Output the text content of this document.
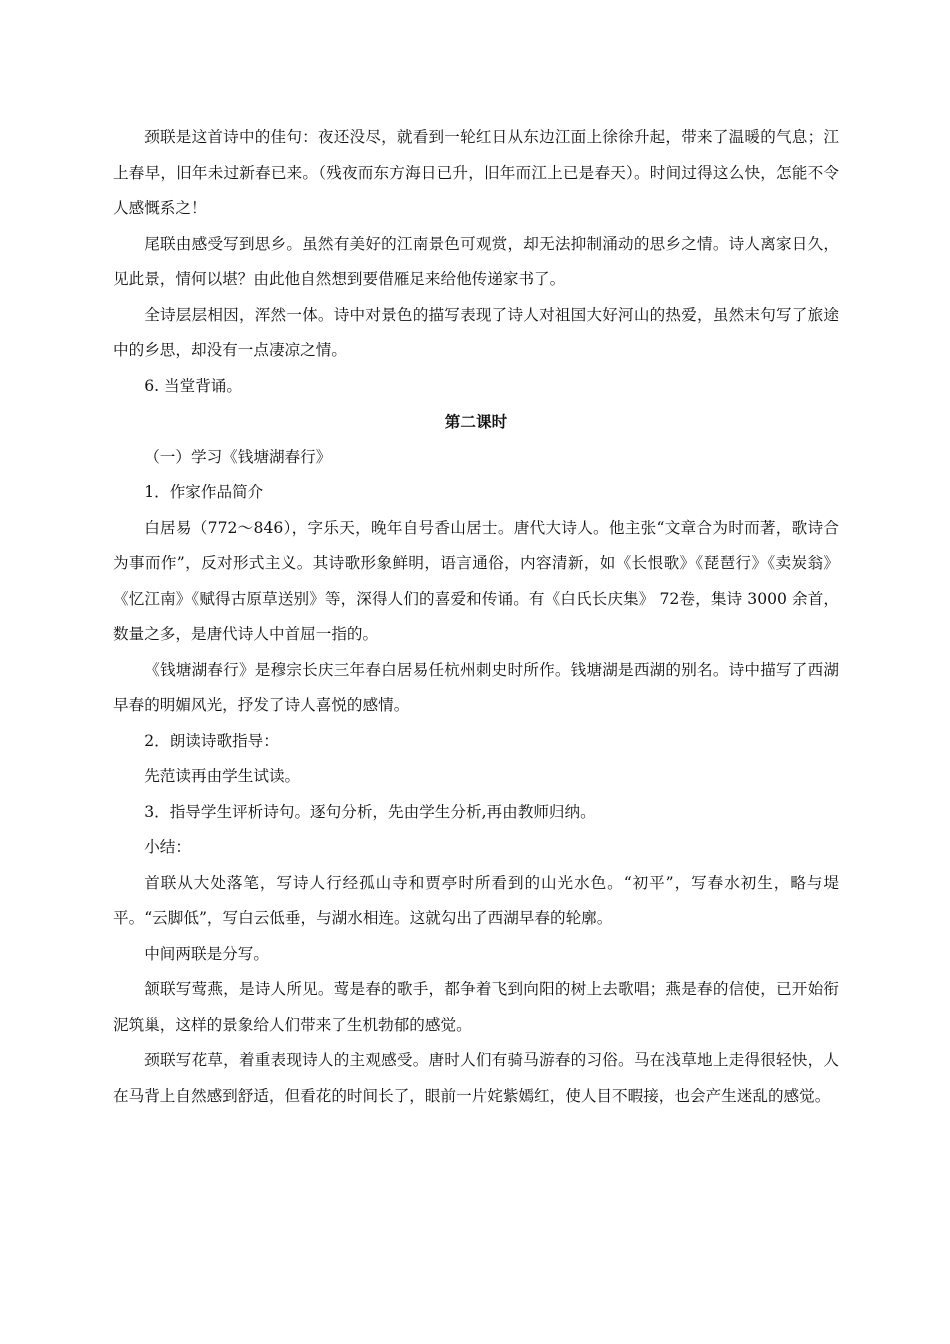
颈联是这首诗中的佳句：夜还没尽，就看到一轮红日从东边江面上徐徐升起，带来了温暖的气息；江上春早，旧年未过新春已来。（残夜而东方海日已升，旧年而江上已是春天）。时间过得这么快，怎能不令人感慨系之！

尾联由感受写到思乡。虽然有美好的江南景色可观赏，却无法抑制涌动的思乡之情。诗人离家日久，见此景，情何以堪？由此他自然想到要借雁足来给他传递家书了。

全诗层层相因，浑然一体。诗中对景色的描写表现了诗人对祖国大好河山的热爱，虽然末句写了旅途中的乡思，却没有一点凄凉之情。

6. 当堂背诵。

第二课时

（一）学习《钱塘湖春行》

1．作家作品简介

白居易（772～846），字乐天，晚年自号香山居士。唐代大诗人。他主张“文章合为时而著，歌诗合为事而作”，反对形式主义。其诗歌形象鲜明，语言通俗，内容清新，如《长恨歌》《琵琶行》《卖炭翁》《忆江南》《赋得古原草送别》等，深得人们的喜爱和传诵。有《白氏长庆集》 72卷，集诗 3000 余首，数量之多，是唐代诗人中首屈一指的。

《钱塘湖春行》是穆宗长庆三年春白居易任杭州刺史时所作。钱塘湖是西湖的别名。诗中描写了西湖早春的明媚风光，抒发了诗人喜悦的感情。

2．朗读诗歌指导：

先范读再由学生试读。

3．指导学生评析诗句。逐句分析，先由学生分析,再由教师归纳。

小结：

首联从大处落笔，写诗人行经孤山寺和贾亭时所看到的山光水色。“初平”，写春水初生，略与堤平。“云脚低”，写白云低垂，与湖水相连。这就勾出了西湖早春的轮廓。

中间两联是分写。

颔联写莺燕，是诗人所见。莺是春的歌手，都争着飞到向阳的树上去歌唱；燕是春的信使，已开始衔泥筑巢，这样的景象给人们带来了生机勃郁的感觉。

颈联写花草，着重表现诗人的主观感受。唐时人们有骑马游春的习俗。马在浅草地上走得很轻快，人在马背上自然感到舒适，但看花的时间长了，眼前一片姹紫嫣红，使人目不暇接，也会产生迷乱的感觉。
